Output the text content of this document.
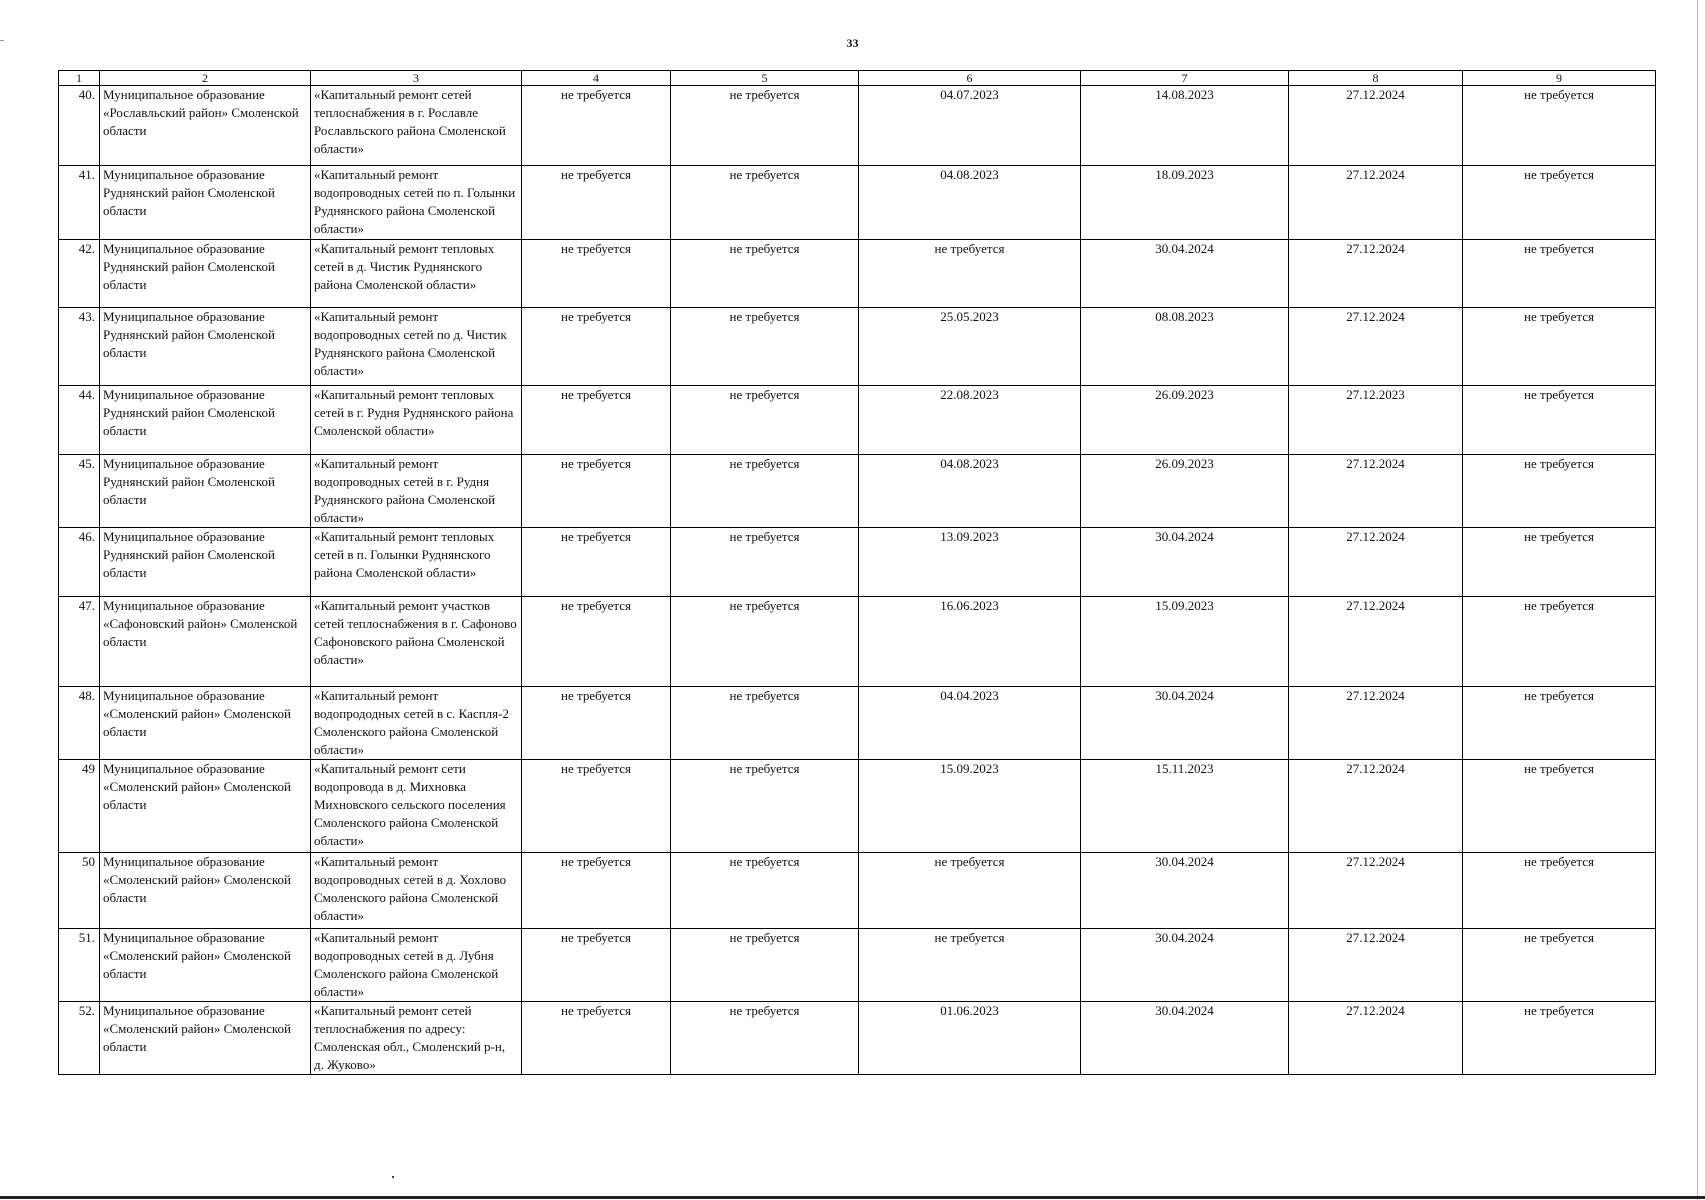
33
1	2	3	4	5	6	7	8	9
40.	Муниципальное образование «Рославльский район» Смоленской области	«Капитальный ремонт сетей теплоснабжения в г. Рославле Рославльского района Смоленской области»	не требуется	не требуется	04.07.2023	14.08.2023	27.12.2024	не требуется
41.	Муниципальное образование Руднянский район Смоленской области	«Капитальный ремонт водопроводных сетей по п. Голынки Руднянского района Смоленской области»	не требуется	не требуется	04.08.2023	18.09.2023	27.12.2024	не требуется
42.	Муниципальное образование Руднянский район Смоленской области	«Капитальный ремонт тепловых сетей в д. Чистик Руднянского района Смоленской области»	не требуется	не требуется	не требуется	30.04.2024	27.12.2024	не требуется
43.	Муниципальное образование Руднянский район Смоленской области	«Капитальный ремонт водопроводных сетей по д. Чистик Руднянского района Смоленской области»	не требуется	не требуется	25.05.2023	08.08.2023	27.12.2024	не требуется
44.	Муниципальное образование Руднянский район Смоленской области	«Капитальный ремонт тепловых сетей в г. Рудня Руднянского района Смоленской области»	не требуется	не требуется	22.08.2023	26.09.2023	27.12.2023	не требуется
45.	Муниципальное образование Руднянский район Смоленской области	«Капитальный ремонт водопроводных сетей в г. Рудня Руднянского района Смоленской области»	не требуется	не требуется	04.08.2023	26.09.2023	27.12.2024	не требуется
46.	Муниципальное образование Руднянский район Смоленской области	«Капитальный ремонт тепловых сетей в п. Голынки Руднянского района Смоленской области»	не требуется	не требуется	13.09.2023	30.04.2024	27.12.2024	не требуется
47.	Муниципальное образование «Сафоновский район» Смоленской области	«Капитальный ремонт участков сетей теплоснабжения в г. Сафоново Сафоновского района Смоленской области»	не требуется	не требуется	16.06.2023	15.09.2023	27.12.2024	не требуется
48.	Муниципальное образование «Смоленский район» Смоленской области	«Капитальный ремонт водопрододных сетей в с. Каспля-2 Смоленского района Смоленской области»	не требуется	не требуется	04.04.2023	30.04.2024	27.12.2024	не требуется
49	Муниципальное образование «Смоленский район» Смоленской области	«Капитальный ремонт сети водопровода в д. Михновка Михновского сельского поселения Смоленского района Смоленской области»	не требуется	не требуется	15.09.2023	15.11.2023	27.12.2024	не требуется
50	Муниципальное образование «Смоленский район» Смоленской области	«Капитальный ремонт водопроводных сетей в д. Хохлово Смоленского района Смоленской области»	не требуется	не требуется	не требуется	30.04.2024	27.12.2024	не требуется
51.	Муниципальное образование «Смоленский район» Смоленской области	«Капитальный ремонт водопроводных сетей в д. Лубня Смоленского района Смоленской области»	не требуется	не требуется	не требуется	30.04.2024	27.12.2024	не требуется
52.	Муниципальное образование «Смоленский район» Смоленской области	«Капитальный ремонт сетей теплоснабжения по адресу: Смоленская обл., Смоленский р-н, д. Жуково»	не требуется	не требуется	01.06.2023	30.04.2024	27.12.2024	не требуется
